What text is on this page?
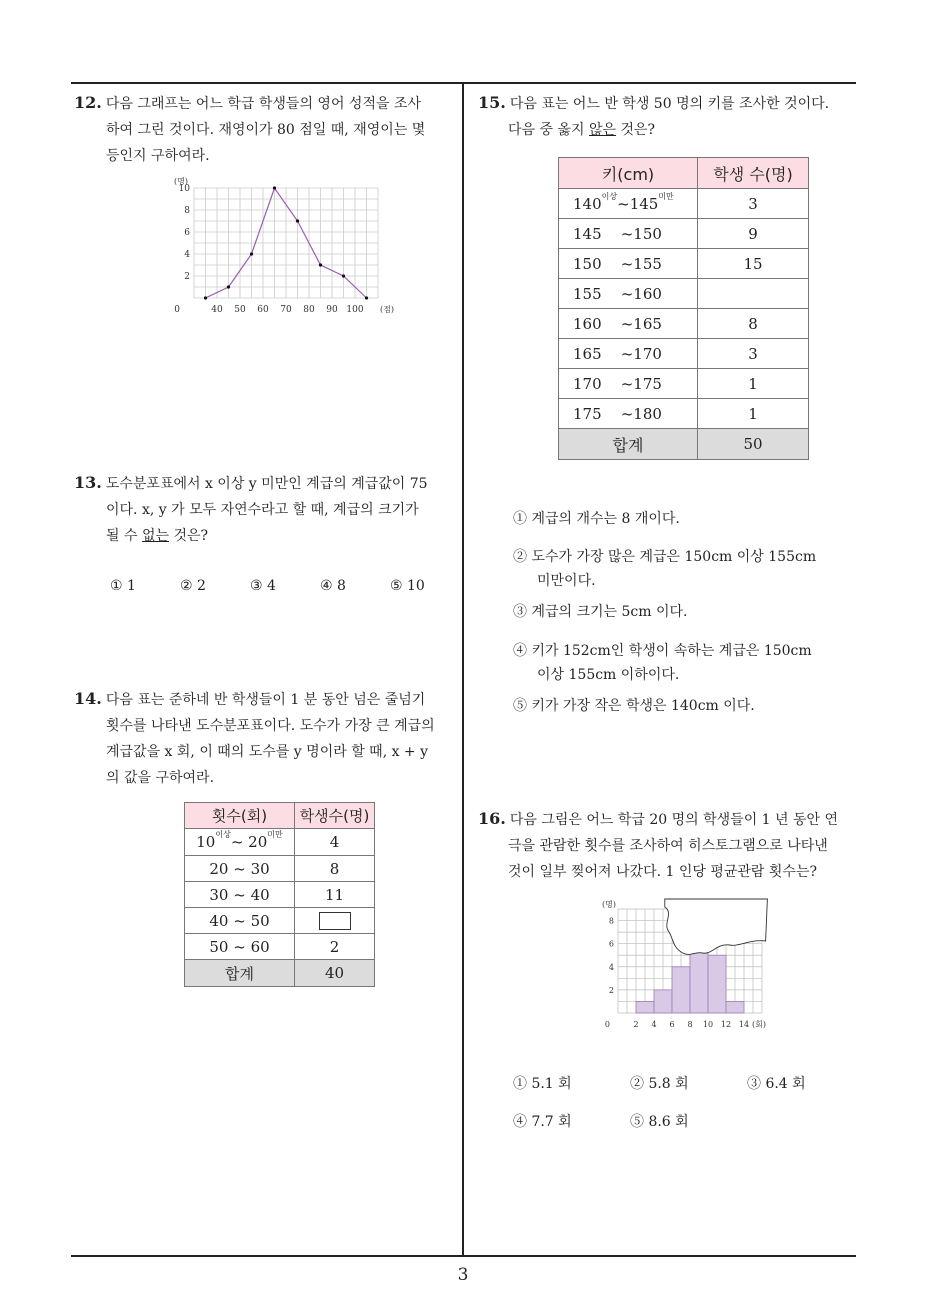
12. 다음 그래프는 어느 학급 학생들의 영어 성적을 조사
하여 그린 것이다. 재영이가 80 점일 때, 재영이는 몇
등인지 구하여라.
40 50 60 70 80 90 100
0
2
4
6
8
10
(명)
(점)
13. 도수분포표에서 x 이상 y 미만인 계급의 계급값이 75
이다. x, y 가 모두 자연수라고 할 때, 계급의 크기가
될 수 없는 것은?
① 1	② 2	③ 4	④ 8	⑤ 10
14. 다음 표는 준하네 반 학생들이 1 분 동안 넘은 줄넘기
횟수를 나타낸 도수분포표이다. 도수가 가장 큰 계급의
계급값을 x 회, 이 때의 도수를 y 명이라 할 때, x + y
의 값을 구하여라.
횟수(회)	학생수(명)
$10^{이상}\sim$ $20^{미만}$	4
20 ~ 30	8
30 ~ 40	11
40 ~ 50	
50 ~ 60	2
합계	40
15. 다음 표는 어느 반 학생 50 명의 키를 조사한 것이다.
다음 중 옳지 않은 것은?
키(cm)	학생 수(명)
$140^{이상}\sim 145^{미만}$	3
145 ~150	9
150 ~155	15
155 ~160	
160 ~165	8
165 ~170	3
170 ~175	1
175 ~180	1
합계	50
① 계급의 개수는 8 개이다.
② 도수가 가장 많은 계급은 150cm 이상 155cm
미만이다.
③ 계급의 크기는 5cm 이다.
④ 키가 152cm인 학생이 속하는 계급은 150cm
이상 155cm 이하이다.
⑤ 키가 가장 작은 학생은 140cm 이다.
16. 다음 그림은 어느 학급 20 명의 학생들이 1 년 동안 연
극을 관람한 횟수를 조사하여 히스토그램으로 나타낸
것이 일부 찢어져 나갔다. 1 인당 평균관람 횟수는?
2 4 6 8 10 12 14
0
2
4
6
8
(명)
(회)
① 5.1 회	② 5.8 회	③ 6.4 회
④ 7.7 회	⑤ 8.6 회
3
